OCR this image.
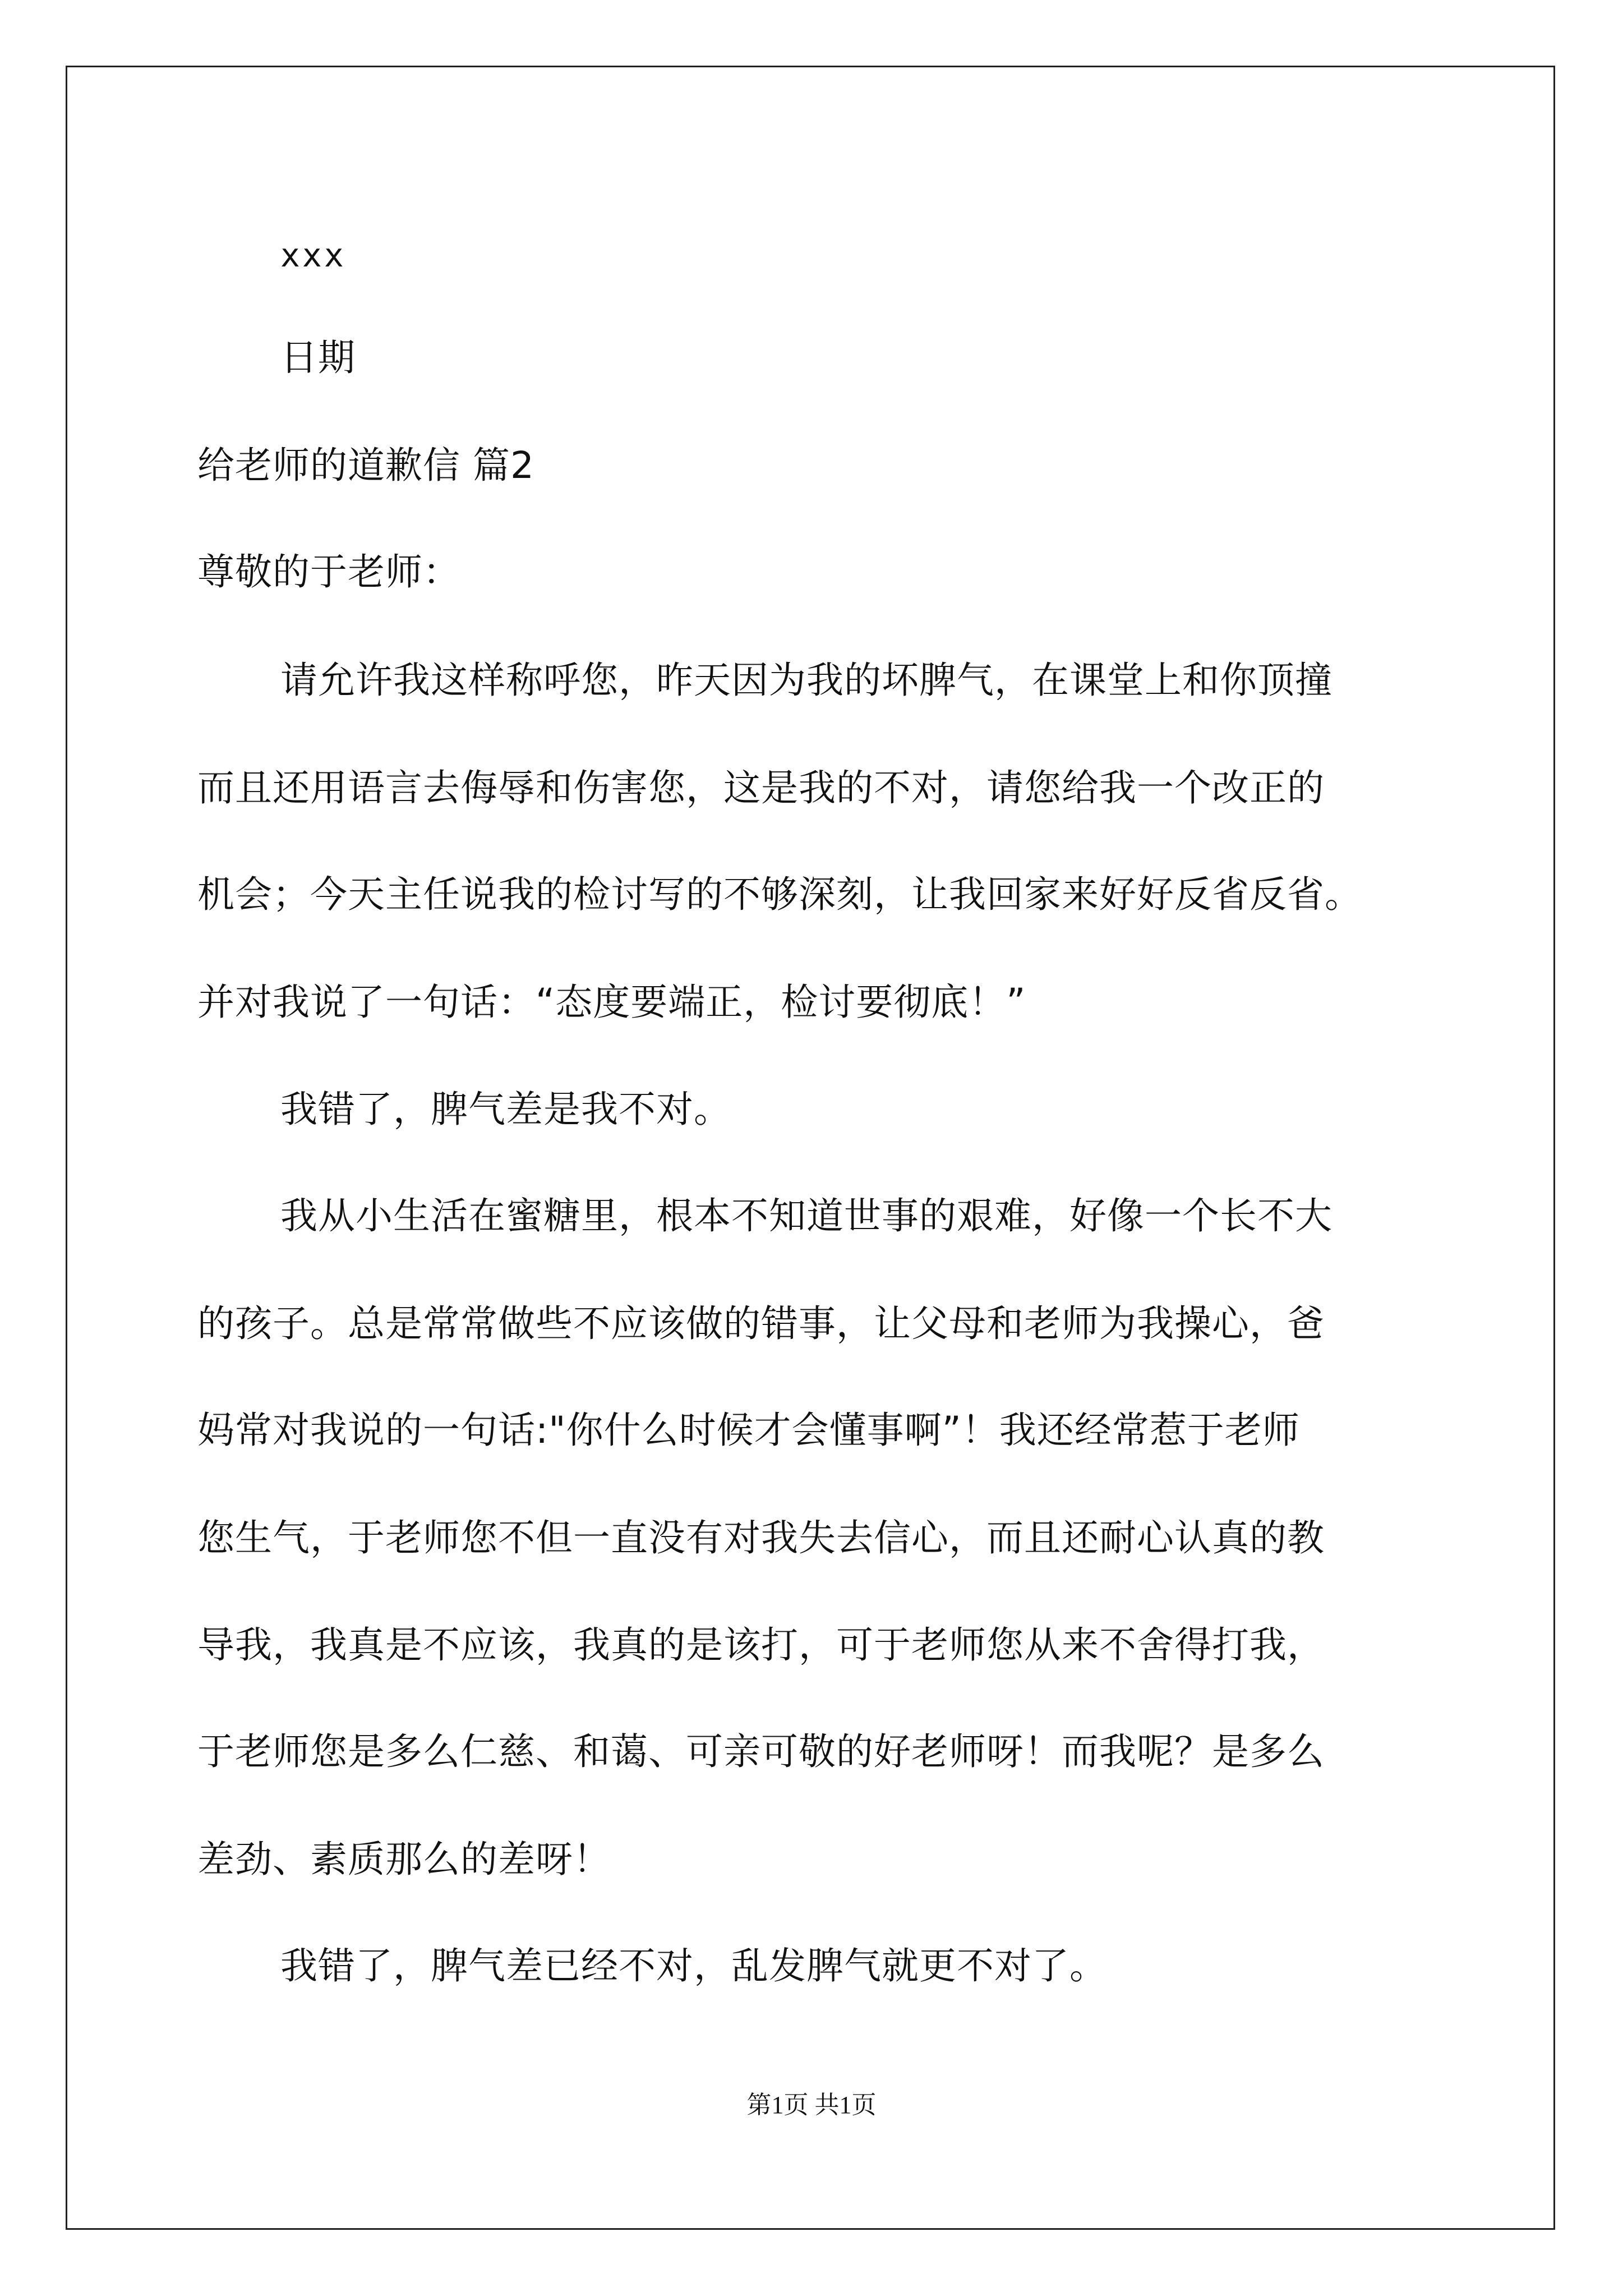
xxx
日期
给老师的道歉信 篇2
尊敬的于老师：
请允许我这样称呼您，昨天因为我的坏脾气，在课堂上和你顶撞
而且还用语言去侮辱和伤害您，这是我的不对，请您给我一个改正的
机会；今天主任说我的检讨写的不够深刻，让我回家来好好反省反省。
并对我说了一句话：“态度要端正，检讨要彻底！”
我错了，脾气差是我不对。
我从小生活在蜜糖里，根本不知道世事的艰难，好像一个长不大
的孩子。总是常常做些不应该做的错事，让父母和老师为我操心，爸
妈常对我说的一句话:"你什么时候才会懂事啊”！我还经常惹于老师
您生气，于老师您不但一直没有对我失去信心，而且还耐心认真的教
导我，我真是不应该，我真的是该打，可于老师您从来不舍得打我，
于老师您是多么仁慈、和蔼、可亲可敬的好老师呀！而我呢？是多么
差劲、素质那么的差呀！
我错了，脾气差已经不对，乱发脾气就更不对了。
第1页 共1页
